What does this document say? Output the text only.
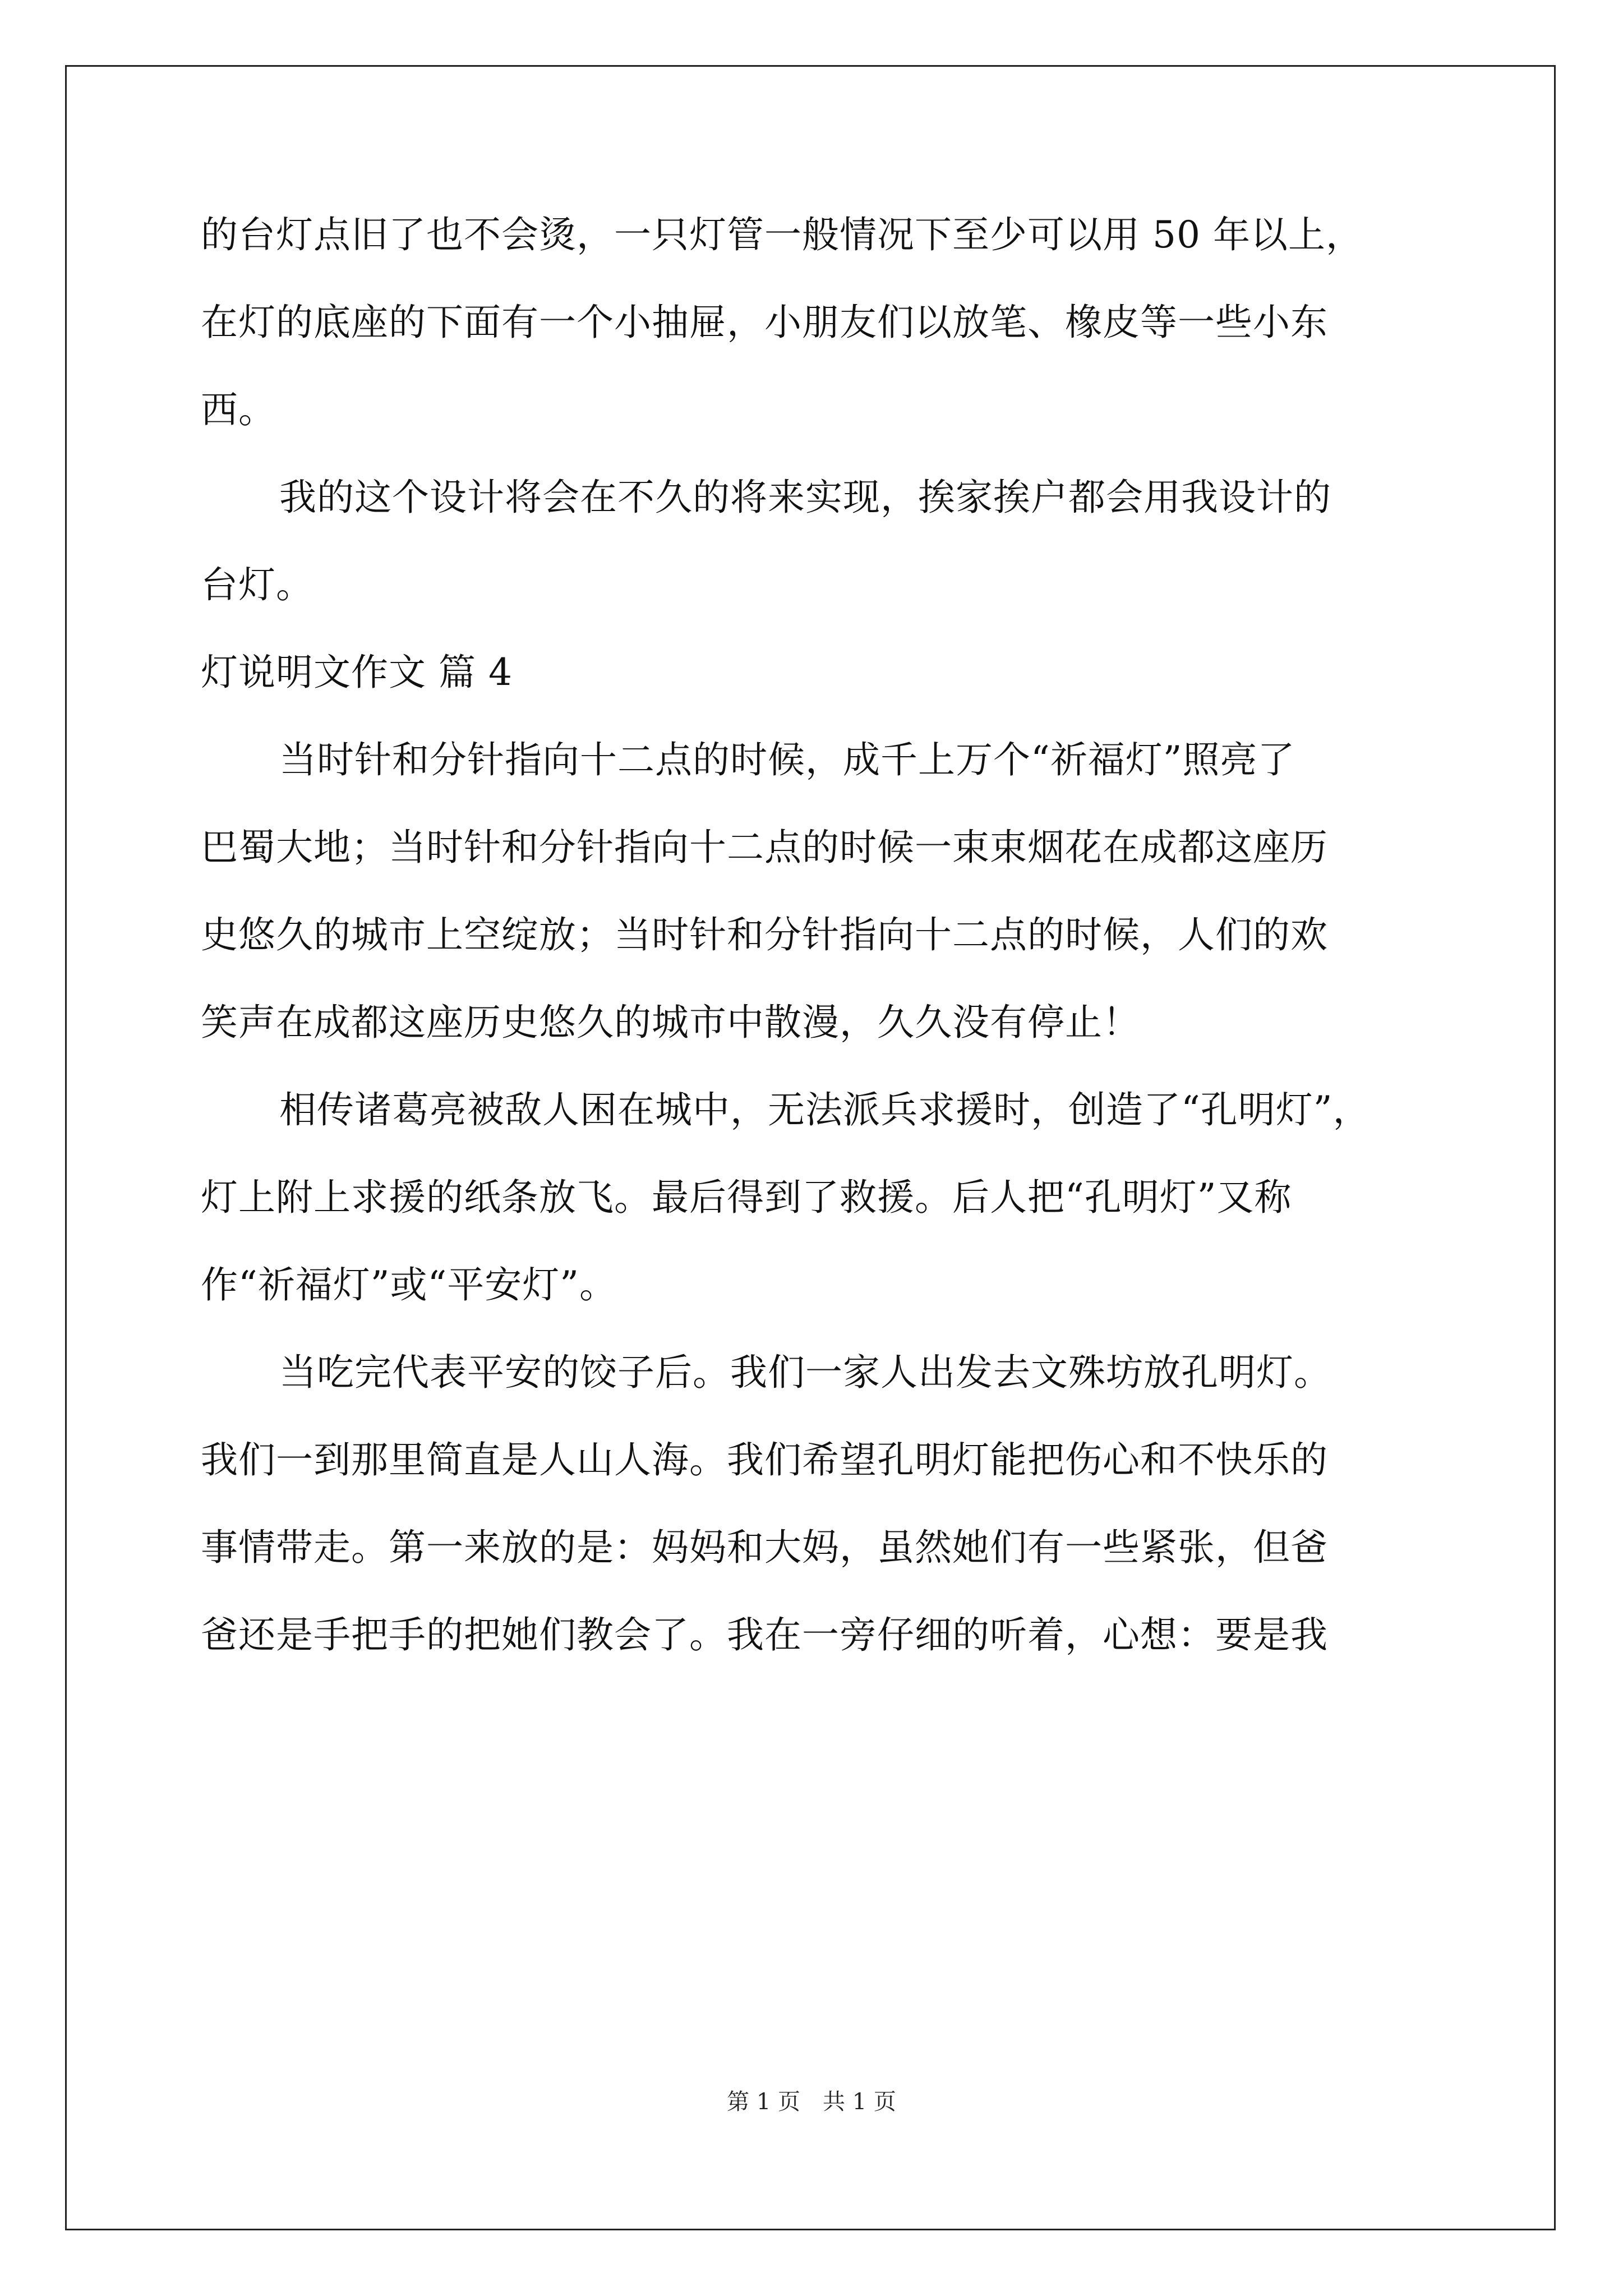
的台灯点旧了也不会烫，一只灯管一般情况下至少可以用 50 年以上，
在灯的底座的下面有一个小抽屉，小朋友们以放笔、橡皮等一些小东
西。
我的这个设计将会在不久的将来实现，挨家挨户都会用我设计的
台灯。
灯说明文作文 篇 4
当时针和分针指向十二点的时候，成千上万个“祈福灯”照亮了
巴蜀大地；当时针和分针指向十二点的时候一束束烟花在成都这座历
史悠久的城市上空绽放；当时针和分针指向十二点的时候，人们的欢
笑声在成都这座历史悠久的城市中散漫，久久没有停止！
相传诸葛亮被敌人困在城中，无法派兵求援时，创造了“孔明灯”，
灯上附上求援的纸条放飞。最后得到了救援。后人把“孔明灯”又称
作“祈福灯”或“平安灯”。
当吃完代表平安的饺子后。我们一家人出发去文殊坊放孔明灯。
我们一到那里简直是人山人海。我们希望孔明灯能把伤心和不快乐的
事情带走。第一来放的是：妈妈和大妈，虽然她们有一些紧张，但爸
爸还是手把手的把她们教会了。我在一旁仔细的听着，心想：要是我
第 1 页　共 1 页
